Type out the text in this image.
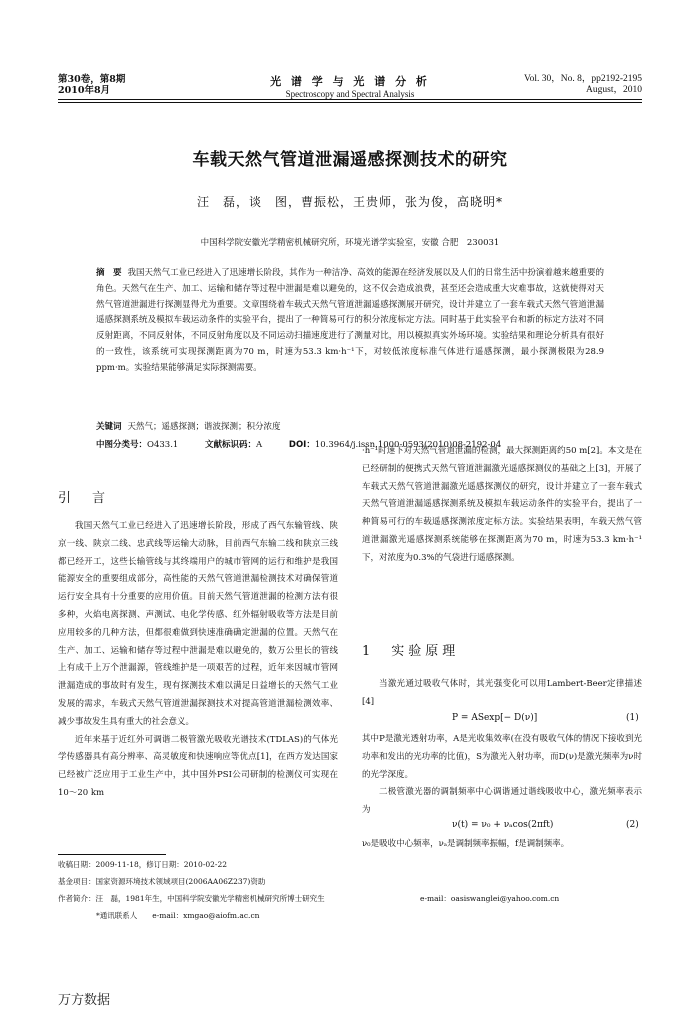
第30卷，第8期
2010年8月
光 谱 学 与 光 谱 分 析
Spectroscopy and Spectral Analysis
Vol. 30，No. 8，pp2192-2195
August，2010
车载天然气管道泄漏遥感探测技术的研究
汪　磊，谈　图，曹振松，王贵师，张为俊，高晓明*
中国科学院安徽光学精密机械研究所，环境光谱学实验室，安徽 合肥　230031
摘　要 我国天然气工业已经进入了迅速增长阶段，其作为一种洁净、高效的能源在经济发展以及人们的日常生活中扮演着越来越重要的角色。天然气在生产、加工、运输和储存等过程中泄漏是难以避免的，这不仅会造成浪费，甚至还会造成重大灾难事故，这就使得对天然气管道泄漏进行探测显得尤为重要。文章围绕着车载式天然气管道泄漏遥感探测展开研究，设计并建立了一套车载式天然气管道泄漏遥感探测系统及模拟车载运动条件的实验平台，提出了一种简易可行的积分浓度标定方法。同时基于此实验平台和新的标定方法对不同反射距离，不同反射体，不同反射角度以及不同运动扫描速度进行了测量对比，用以模拟真实外场环境。实验结果和理论分析具有很好的一致性，该系统可实现探测距离为70 m，时速为53.3 km·h⁻¹下，对较低浓度标准气体进行遥感探测，最小探测极限为28.9 ppm·m。实验结果能够满足实际探测需要。
关键词 天然气；遥感探测；谐波探测；积分浓度
中图分类号：O433.1	文献标识码：A	DOI：10.3964/j.issn.1000-0593(2010)08-2192-04
引　言

我国天然气工业已经进入了迅速增长阶段，形成了西气东输管线、陕京一线、陕京二线、忠武线等运输大动脉，目前西气东输二线和陕京三线都已经开工，这些长输管线与其终端用户的城市管网的运行和维护是我国能源安全的重要组成部分，高性能的天然气管道泄漏检测技术对确保管道运行安全具有十分重要的应用价值。目前天然气管道泄漏的检测方法有很多种，火焰电离探测、声测试、电化学传感、红外辐射吸收等方法是目前应用较多的几种方法，但都很难做到快速准确确定泄漏的位置。天然气在生产、加工、运输和储存等过程中泄漏是难以避免的，数万公里长的管线上有成千上万个泄漏源，管线维护是一项艰苦的过程，近年来因城市管网泄漏造成的事故时有发生，现有探测技术难以满足日益增长的天然气工业发展的需求，车载式天然气管道泄漏探测技术对提高管道泄漏检测效率、减少事故发生具有重大的社会意义。

近年来基于近红外可调谐二极管激光吸收光谱技术(TDLAS)的气体光学传感器具有高分辨率、高灵敏度和快速响应等优点[1]，在西方发达国家已经被广泛应用于工业生产中，其中国外PSI公司研制的检测仪可实现在10～20 km

·h⁻¹时速下对天然气管道泄漏的检测，最大探测距离约50 m[2]。本文是在已经研制的便携式天然气管道泄漏激光遥感探测仪的基础之上[3]，开展了车载式天然气管道泄漏激光遥感探测仪的研究，设计并建立了一套车载式天然气管道泄漏遥感探测系统及模拟车载运动条件的实验平台，提出了一种简易可行的车载遥感探测浓度定标方法。实验结果表明，车载天然气管道泄漏激光遥感探测系统能够在探测距离为70 m，时速为53.3 km·h⁻¹下，对浓度为0.3%的气袋进行遥感探测。

1　实验原理

当激光通过吸收气体时，其光强变化可以用Lambert-Beer定律描述[4]

P = ASexp[− D(ν)]	(1)

其中P是激光透射功率，A是光收集效率(在没有吸收气体的情况下接收到光功率和发出的光功率的比值)，S为激光入射功率，而D(ν)是激光频率为ν时的光学深度。

二极管激光器的调制频率中心调谐通过谐线吸收中心，激光频率表示为

ν(t) = ν₀ + νₐcos(2πft)	(2)

ν₀是吸收中心频率，νₐ是调制频率振幅，f是调制频率。

收稿日期：2009-11-18，修订日期：2010-02-22
基金项目：国家资源环境技术领域项目(2006AA06Z237)资助
作者简介：汪　磊，1981年生，中国科学院安徽光学精密机械研究所博士研究生	e-mail：oasiswanglei@yahoo.com.cn
*通讯联系人　　e-mail：xmgao@aiofm.ac.cn
万方数据
